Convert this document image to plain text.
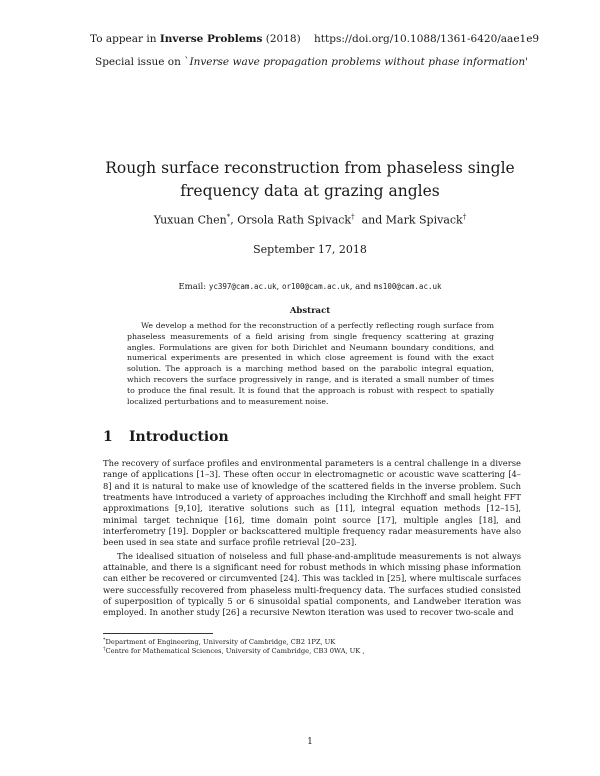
To appear in Inverse Problems (2018) https://doi.org/10.1088/1361-6420/aae1e9
Special issue on `Inverse wave propagation problems without phase information'
Rough surface reconstruction from phaseless single frequency data at grazing angles
Yuxuan Chen*, Orsola Rath Spivack† and Mark Spivack†
September 17, 2018
Email: yc397@cam.ac.uk, or100@cam.ac.uk, and ms100@cam.ac.uk
Abstract

We develop a method for the reconstruction of a perfectly reflecting rough surface from phaseless measurements of a field arising from single frequency scattering at grazing angles. Formulations are given for both Dirichlet and Neumann boundary conditions, and numerical experiments are presented in which close agreement is found with the exact solution. The approach is a marching method based on the parabolic integral equation, which recovers the surface progressively in range, and is iterated a small number of times to produce the final result. It is found that the approach is robust with respect to spatially localized perturbations and to measurement noise.

1 Introduction

The recovery of surface profiles and environmental parameters is a central challenge in a diverse range of applications [1–3]. These often occur in electromagnetic or acoustic wave scattering [4–8] and it is natural to make use of knowledge of the scattered fields in the inverse problem. Such treatments have introduced a variety of approaches including the Kirchhoff and small height FFT approximations [9,10], iterative solutions such as [11], integral equation methods [12–15], minimal target technique [16], time domain point source [17], multiple angles [18], and interferometry [19]. Doppler or backscattered multiple frequency radar measurements have also been used in sea state and surface profile retrieval [20–23].

The idealised situation of noiseless and full phase-and-amplitude measurements is not always attainable, and there is a significant need for robust methods in which missing phase information can either be recovered or circumvented [24]. This was tackled in [25], where multiscale surfaces were successfully recovered from phaseless multi-frequency data. The surfaces studied consisted of superposition of typically 5 or 6 sinusoidal spatial components, and Landweber iteration was employed. In another study [26] a recursive Newton iteration was used to recover two-scale and

*Department of Engineering, University of Cambridge, CB2 1PZ, UK
†Centre for Mathematical Sciences, University of Cambridge, CB3 0WA, UK ,
1
